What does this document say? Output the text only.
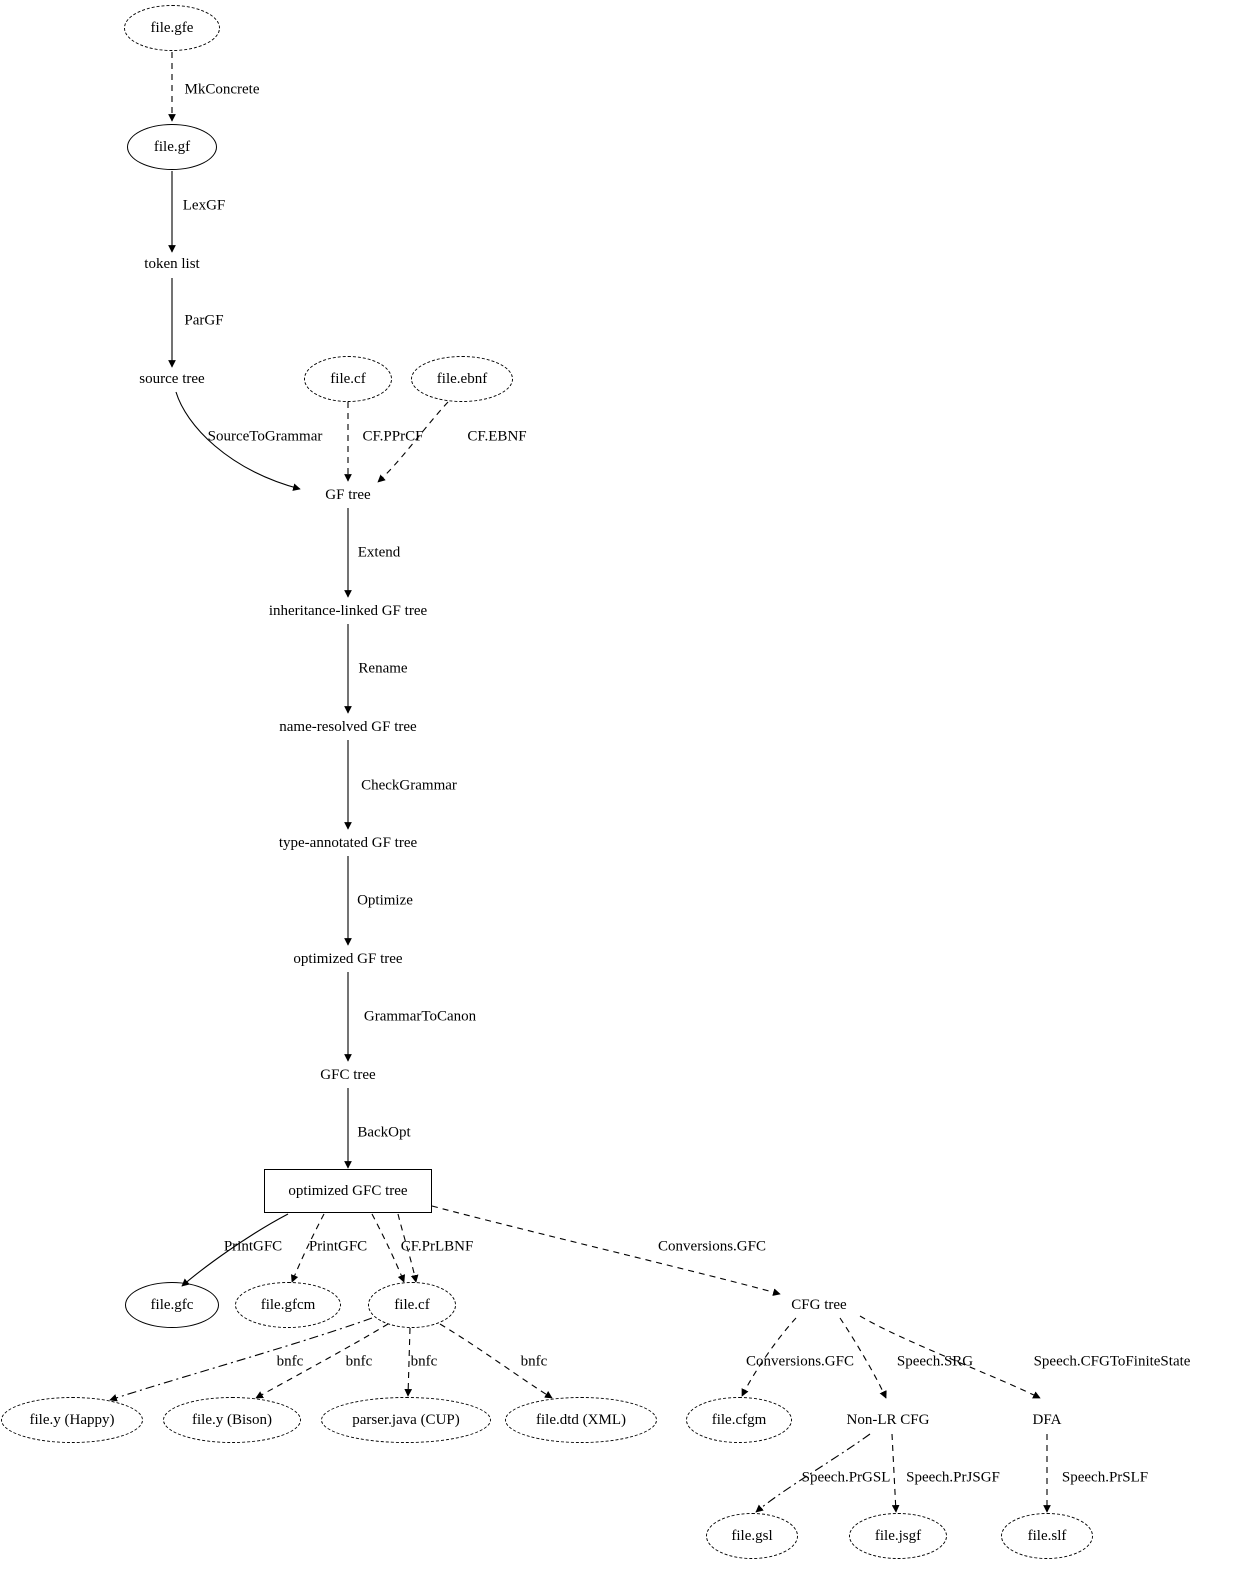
file.gfe
file.gf
token list
source tree	file.cf	file.ebnf
GF tree
inheritance-linked GF tree
name-resolved GF tree
type-annotated GF tree
optimized GF tree
GFC tree
optimized GFC tree
file.gfc	file.gfcm	file.cf	CFG tree
file.y (Happy)	file.y (Bison)	parser.java (CUP)	file.dtd (XML)	file.cfgm	Non-LR CFG	DFA
file.gsl	file.jsgf	file.slf
MkConcrete
LexGF
ParGF
SourceToGrammar	CF.PPrCF	CF.EBNF
Extend
Rename
CheckGrammar
Optimize
GrammarToCanon
BackOpt
PrintGFC PrintGFC CF.PrLBNF	Conversions.GFC
bnfc	bnfc	bnfc	bnfc	Conversions.GFC	Speech.SRG	Speech.CFGToFiniteState
Speech.PrGSL Speech.PrJSGF	Speech.PrSLF
